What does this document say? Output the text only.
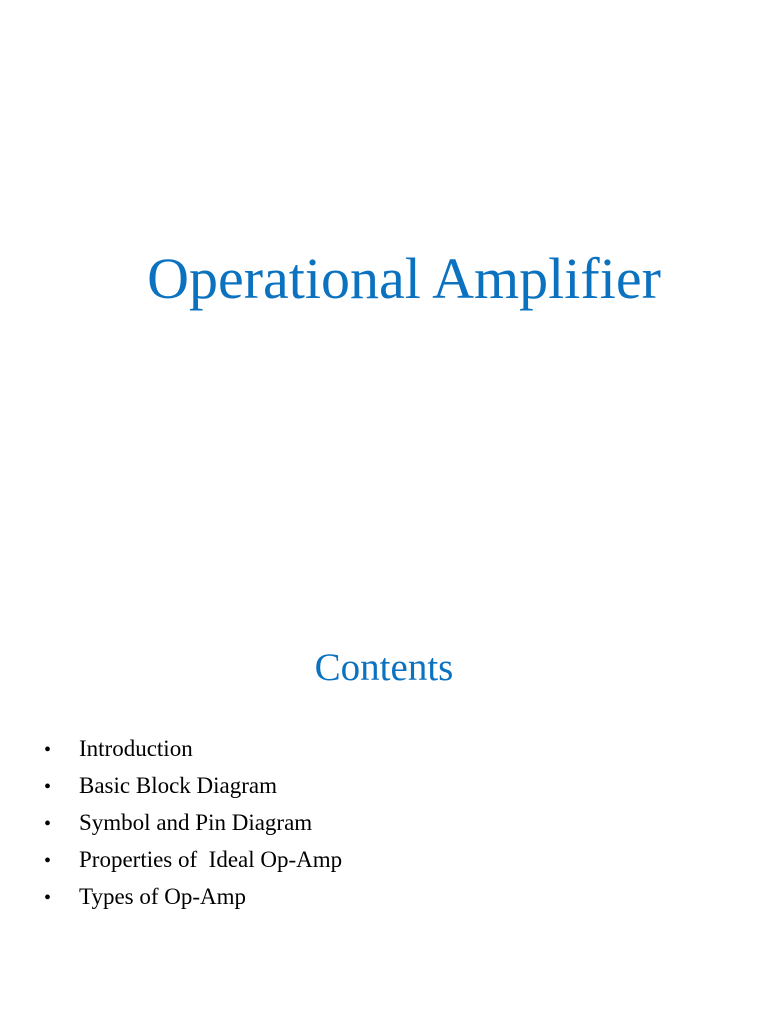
Operational Amplifier
Contents
•	Introduction
•	Basic Block Diagram
•	Symbol and Pin Diagram
•	Properties of  Ideal Op-Amp
•	Types of Op-Amp
